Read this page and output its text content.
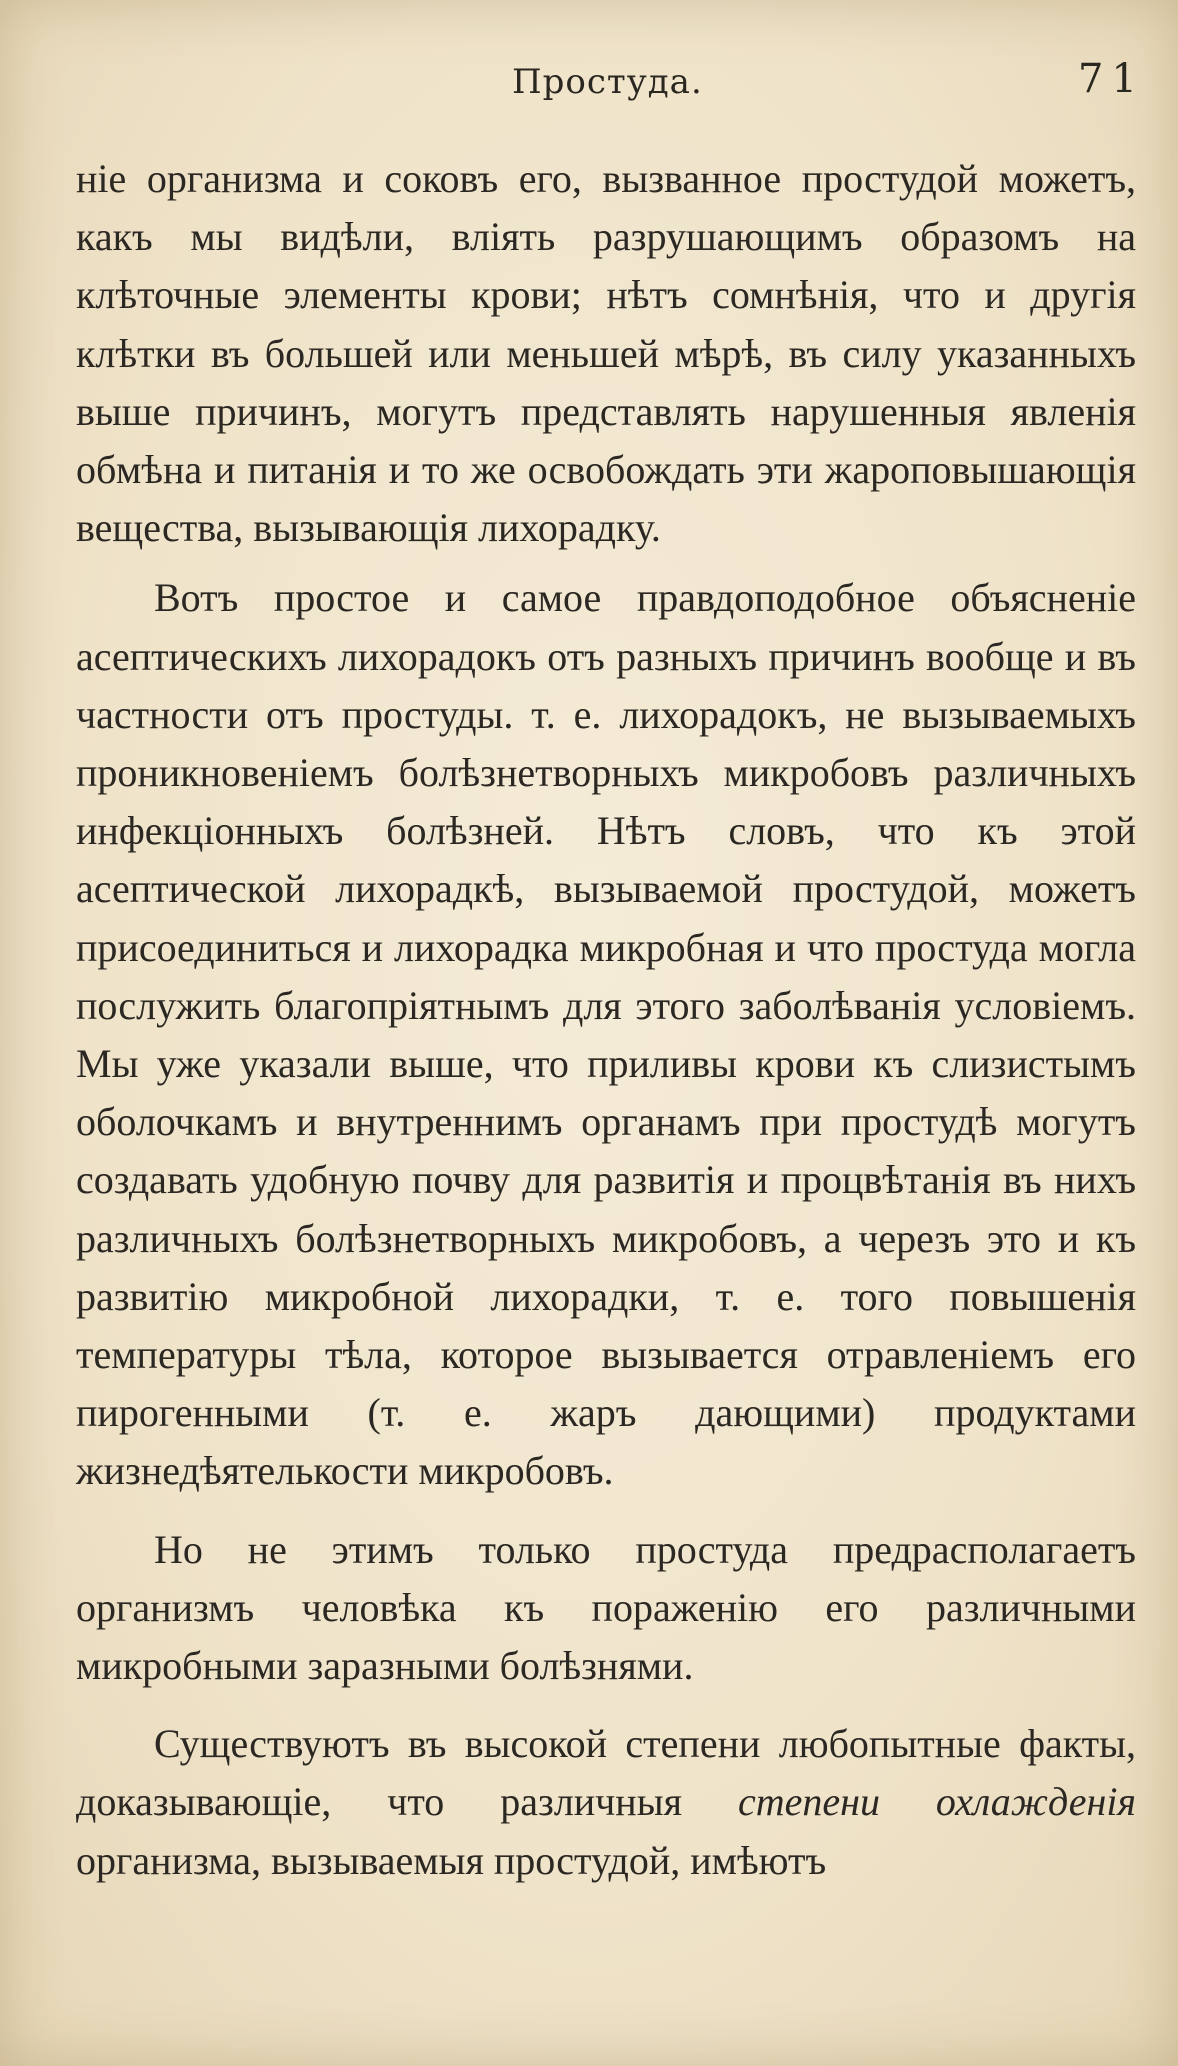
Простуда.	71

ніе организма и соковъ его, вызванное простудой можетъ, какъ мы видѣли, вліять разрушающимъ образомъ на клѣточные элементы крови; нѣтъ сомнѣнія, что и другія клѣтки въ большей или меньшей мѣрѣ, въ силу указанныхъ выше причинъ, могутъ представлять нарушенныя явленія обмѣна и питанія и то же освобождать эти жароповышающія вещества, вызывающія лихорадку.

Вотъ простое и самое правдоподобное объясненіе асептическихъ лихорадокъ отъ разныхъ причинъ вообще и въ частности отъ простуды. т. е. лихорадокъ, не вызываемыхъ проникновеніемъ болѣзнетворныхъ микробовъ различныхъ инфекціонныхъ болѣзней. Нѣтъ словъ, что къ этой асептической лихорадкѣ, вызываемой простудой, можетъ присоединиться и лихорадка микробная и что простуда могла послужить благопріятнымъ для этого заболѣванія условіемъ. Мы уже указали выше, что приливы крови къ слизистымъ оболочкамъ и внутреннимъ органамъ при простудѣ могутъ создавать удобную почву для развитія и процвѣтанія въ нихъ различныхъ болѣзнетворныхъ микробовъ, а черезъ это и къ развитію микробной лихорадки, т. е. того повышенія температуры тѣла, которое вызывается отравленіемъ его пирогенными (т. е. жаръ дающими) продуктами жизнедѣятелькости микробовъ.

Но не этимъ только простуда предрасполагаетъ организмъ человѣка къ пораженію его различными микробными заразными болѣзнями.

Существуютъ въ высокой степени любопытные факты, доказывающіе, что различныя степени охлажденія организма, вызываемыя простудой, имѣютъ
